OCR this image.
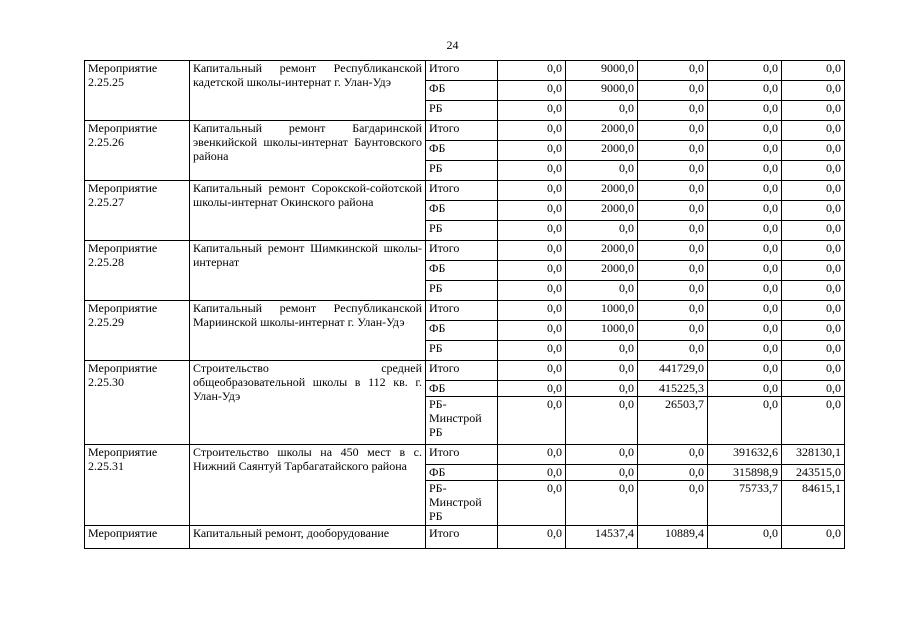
24
Мероприятие 2.25.25	Капитальный ремонт Республиканской кадетской школы-интернат г. Улан-Удэ	Итого	0,0	9000,0	0,0	0,0	0,0
		ФБ	0,0	9000,0	0,0	0,0	0,0
		РБ	0,0	0,0	0,0	0,0	0,0
Мероприятие 2.25.26	Капитальный ремонт Багдаринской эвенкийской школы-интернат Баунтовского района	Итого	0,0	2000,0	0,0	0,0	0,0
		ФБ	0,0	2000,0	0,0	0,0	0,0
		РБ	0,0	0,0	0,0	0,0	0,0
Мероприятие 2.25.27	Капитальный ремонт Сорокской-сойотской школы-интернат Окинского района	Итого	0,0	2000,0	0,0	0,0	0,0
		ФБ	0,0	2000,0	0,0	0,0	0,0
		РБ	0,0	0,0	0,0	0,0	0,0
Мероприятие 2.25.28	Капитальный ремонт Шимкинской школы-интернат	Итого	0,0	2000,0	0,0	0,0	0,0
		ФБ	0,0	2000,0	0,0	0,0	0,0
		РБ	0,0	0,0	0,0	0,0	0,0
Мероприятие 2.25.29	Капитальный ремонт Республиканской Мариинской школы-интернат г. Улан-Удэ	Итого	0,0	1000,0	0,0	0,0	0,0
		ФБ	0,0	1000,0	0,0	0,0	0,0
		РБ	0,0	0,0	0,0	0,0	0,0
Мероприятие 2.25.30	Строительство средней общеобразовательной школы в 112 кв. г. Улан-Удэ	Итого	0,0	0,0	441729,0	0,0	0,0
		ФБ	0,0	0,0	415225,3	0,0	0,0
		РБ-Минстрой РБ	0,0	0,0	26503,7	0,0	0,0
Мероприятие 2.25.31	Строительство школы на 450 мест в с. Нижний Саянтуй Тарбагатайского района	Итого	0,0	0,0	0,0	391632,6	328130,1
		ФБ	0,0	0,0	0,0	315898,9	243515,0
		РБ-Минстрой РБ	0,0	0,0	0,0	75733,7	84615,1
Мероприятие	Капитальный ремонт, дооборудование	Итого	0,0	14537,4	10889,4	0,0	0,0
